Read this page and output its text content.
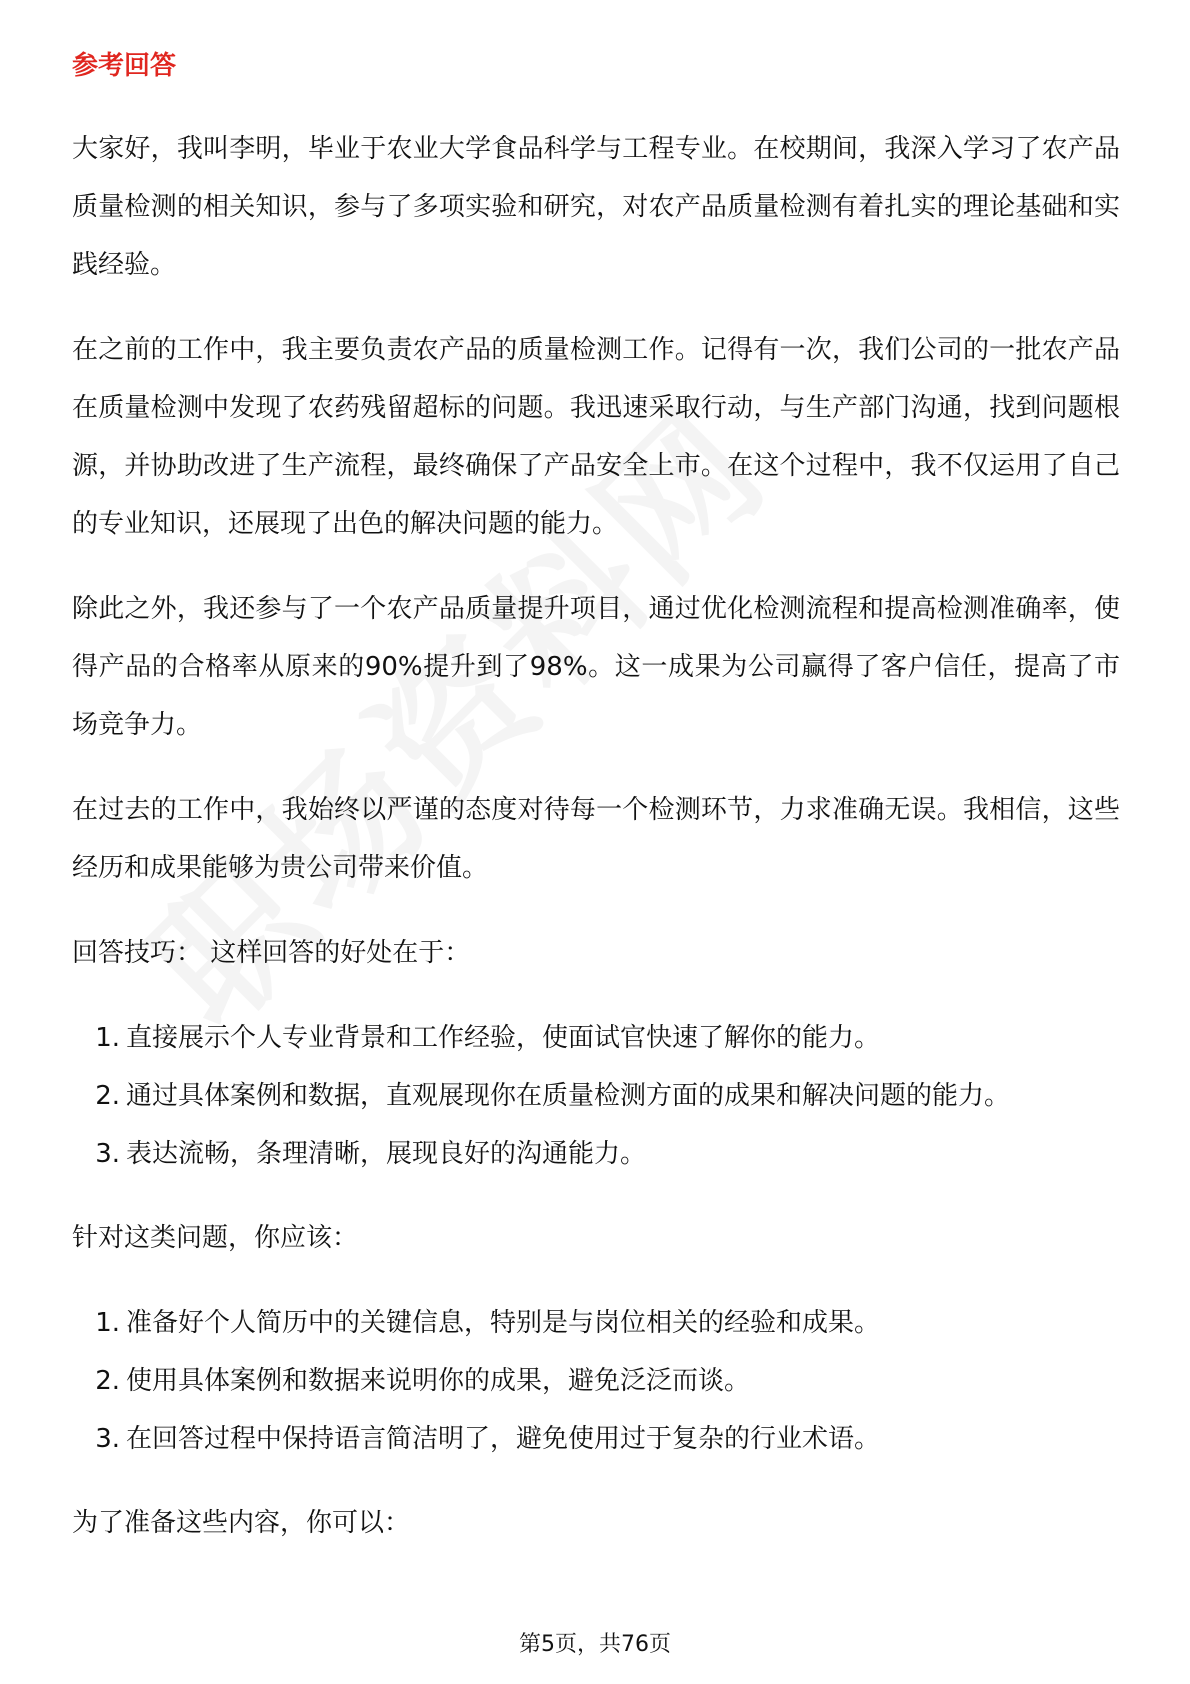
参考回答

大家好，我叫李明，毕业于农业大学食品科学与工程专业。在校期间，我深入学习了农产品质量检测的相关知识，参与了多项实验和研究，对农产品质量检测有着扎实的理论基础和实践经验。

在之前的工作中，我主要负责农产品的质量检测工作。记得有一次，我们公司的一批农产品在质量检测中发现了农药残留超标的问题。我迅速采取行动，与生产部门沟通，找到问题根源，并协助改进了生产流程，最终确保了产品安全上市。在这个过程中，我不仅运用了自己的专业知识，还展现了出色的解决问题的能力。

除此之外，我还参与了一个农产品质量提升项目，通过优化检测流程和提高检测准确率，使得产品的合格率从原来的90%提升到了98%。这一成果为公司赢得了客户信任，提高了市场竞争力。

在过去的工作中，我始终以严谨的态度对待每一个检测环节，力求准确无误。我相信，这些经历和成果能够为贵公司带来价值。

回答技巧： 这样回答的好处在于：

1. 直接展示个人专业背景和工作经验，使面试官快速了解你的能力。
2. 通过具体案例和数据，直观展现你在质量检测方面的成果和解决问题的能力。
3. 表达流畅，条理清晰，展现良好的沟通能力。

针对这类问题，你应该：

1. 准备好个人简历中的关键信息，特别是与岗位相关的经验和成果。
2. 使用具体案例和数据来说明你的成果，避免泛泛而谈。
3. 在回答过程中保持语言简洁明了，避免使用过于复杂的行业术语。

为了准备这些内容，你可以：

第5页，共76页
